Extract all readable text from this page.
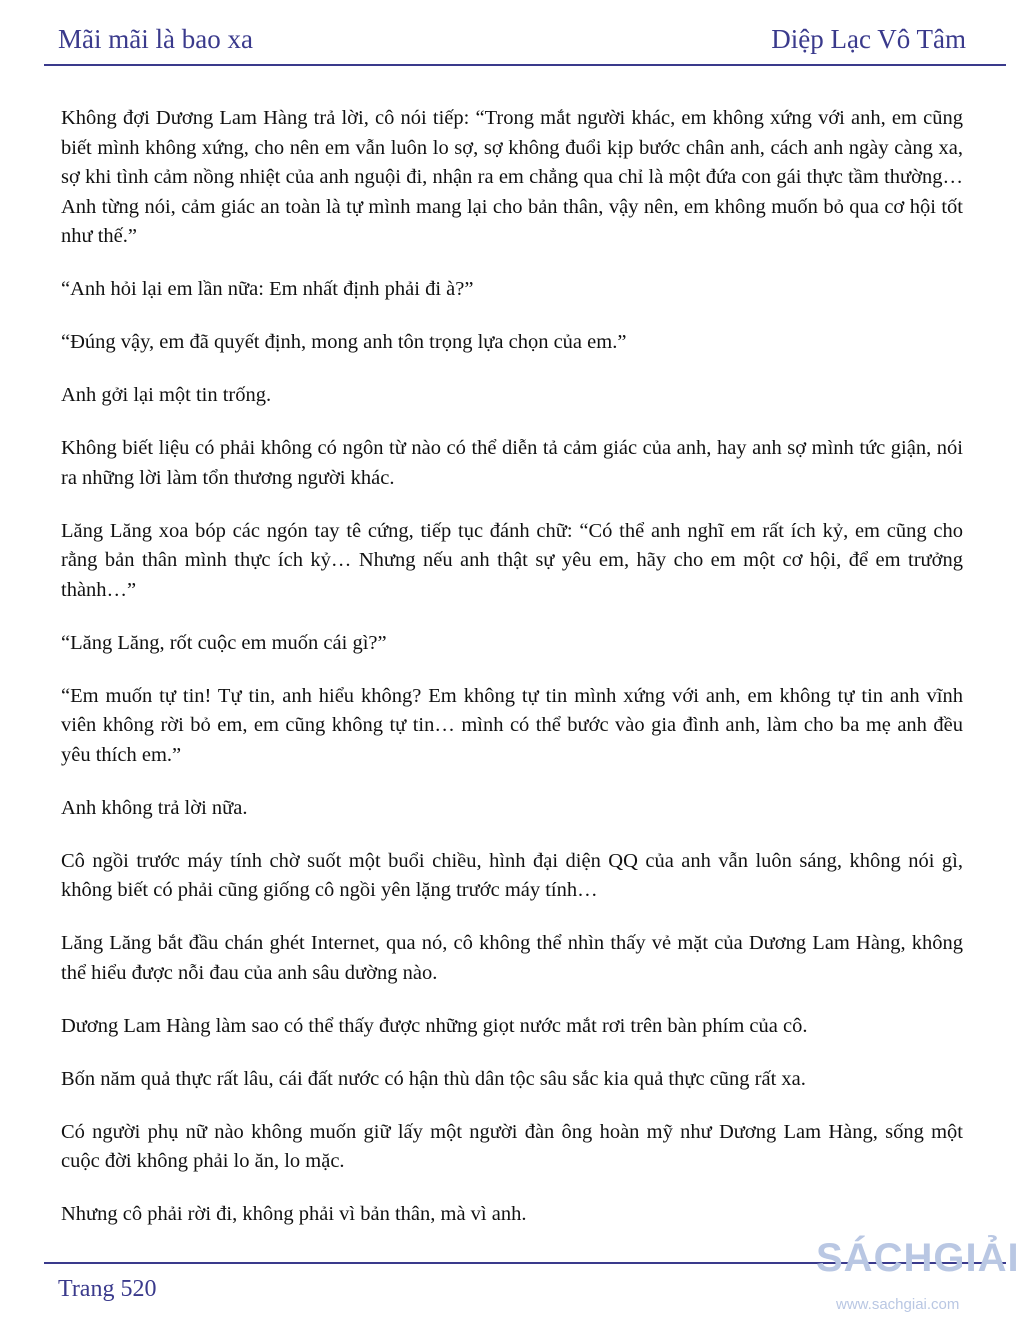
Mãi mãi là bao xa	Diệp Lạc Vô Tâm

Không đợi Dương Lam Hàng trả lời, cô nói tiếp: “Trong mắt người khác, em không xứng với anh, em cũng biết mình không xứng, cho nên em vẫn luôn lo sợ, sợ không đuổi kịp bước chân anh, cách anh ngày càng xa, sợ khi tình cảm nồng nhiệt của anh nguội đi, nhận ra em chẳng qua chỉ là một đứa con gái thực tầm thường… Anh từng nói, cảm giác an toàn là tự mình mang lại cho bản thân, vậy nên, em không muốn bỏ qua cơ hội tốt như thế.”

“Anh hỏi lại em lần nữa: Em nhất định phải đi à?”

“Đúng vậy, em đã quyết định, mong anh tôn trọng lựa chọn của em.”

Anh gởi lại một tin trống.

Không biết liệu có phải không có ngôn từ nào có thể diễn tả cảm giác của anh, hay anh sợ mình tức giận, nói ra những lời làm tổn thương người khác.

Lăng Lăng xoa bóp các ngón tay tê cứng, tiếp tục đánh chữ: “Có thể anh nghĩ em rất ích kỷ, em cũng cho rằng bản thân mình thực ích kỷ… Nhưng nếu anh thật sự yêu em, hãy cho em một cơ hội, để em trưởng thành…”

“Lăng Lăng, rốt cuộc em muốn cái gì?”

“Em muốn tự tin! Tự tin, anh hiểu không? Em không tự tin mình xứng với anh, em không tự tin anh vĩnh viên không rời bỏ em, em cũng không tự tin… mình có thể bước vào gia đình anh, làm cho ba mẹ anh đều yêu thích em.”

Anh không trả lời nữa.

Cô ngồi trước máy tính chờ suốt một buổi chiều, hình đại diện QQ của anh vẫn luôn sáng, không nói gì, không biết có phải cũng giống cô ngồi yên lặng trước máy tính…

Lăng Lăng bắt đầu chán ghét Internet, qua nó, cô không thể nhìn thấy vẻ mặt của Dương Lam Hàng, không thể hiểu được nỗi đau của anh sâu dường nào.

Dương Lam Hàng làm sao có thể thấy được những giọt nước mắt rơi trên bàn phím của cô.

Bốn năm quả thực rất lâu, cái đất nước có hận thù dân tộc sâu sắc kia quả thực cũng rất xa.

Có người phụ nữ nào không muốn giữ lấy một người đàn ông hoàn mỹ như Dương Lam Hàng, sống một cuộc đời không phải lo ăn, lo mặc.

Nhưng cô phải rời đi, không phải vì bản thân, mà vì anh.

Trang 520
SÁCHGIẢI
www.sachgiai.com
